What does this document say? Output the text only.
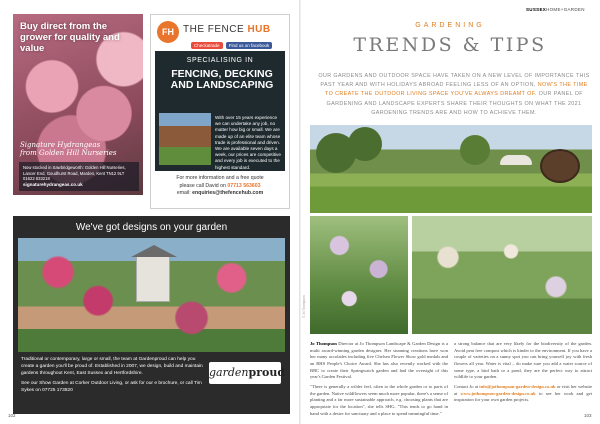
Buy direct from the grower for quality and value
Signature Hydrangeas
from Golden Hill Nurseries
Now stocked in Sawbridgeworth: Golden Hill Nurseries, Lancer End, Goudhurst Road, Marden, Kent TN12 9LT
01622 833218
signaturehydrangeas.co.uk
FH THE FENCE HUB
Checkatrade Find us on facebook
SPECIALISING IN
FENCING, DECKING AND LANDSCAPING
With over 15 years experience we can undertake any job, no matter how big or small. We are made up of an elite team whose trade is professional and driven. We are available seven days a week, our prices are competitive and every job is executed to the highest standard.
For more information and a free quote
please call David on 07713 563603
email: enquiries@thefencehub.com
We've got designs on your garden

Traditional or contemporary, large or small, the team at Gardenproud can help you create a garden you'll be proud of. Established in 2007, we design, build and maintain gardens throughout Kent, East Sussex and Hertfordshire.

See our Show Garden at Corker Outdoor Living, or ask for our e brochure, or call Tim Sykes on 07725 173820

gardenproud
102
SUSSEXHOME+GARDEN
GARDENING
TRENDS & TIPS
OUR GARDENS AND OUTDOOR SPACE HAVE TAKEN ON A NEW LEVEL OF IMPORTANCE THIS PAST YEAR AND WITH HOLIDAYS ABROAD FEELING LESS OF AN OPTION, NOW'S THE TIME TO CREATE THE OUTDOOR LIVING SPACE YOU'VE ALWAYS DREAMT OF. OUR PANEL OF GARDENING AND LANDSCAPE EXPERTS SHARE THEIR THOUGHTS ON WHAT THE 2021 GARDENING TRENDS ARE AND HOW TO ACHIEVE THEM.
© Jo Thompson

Jo Thompson Director at Jo Thompson Landscape & Garden Design is a multi award-winning garden designer. Her stunning creations have won her many accolades including five Chelsea Flower Show gold medals and an RHS People's Choice Award. She has also recently worked with the BBC to create their Springwatch garden and had the oversight of this year's Garden Festival.

"There is generally a wilder feel, often to the whole garden or to parts of the garden. Native wildflowers seem much more popular, there's a sense of planting and a far more sustainable approach, e.g. choosing plants that are appropriate for the location", she tells SHG. "This tends to go hand in hand with a desire for sanctuary and a place to spend meaningful time."

a strong balance that are very likely for the biodiversity of the garden. Avoid peat free compost which is kinder to the environment. If you have a couple of varieties on a sunny spot you can bring yourself joy with fresh flowers all year. Water is vital – do make sure you add a water source of some type, a bird bath or a pond, they are the perfect way to attract wildlife to your garden.

Contact Jo at info@jothompson-garden-design.co.uk or visit her website at www.jothompson-garden-design.co.uk to see her work and get inspiration for your own garden projects.

103
